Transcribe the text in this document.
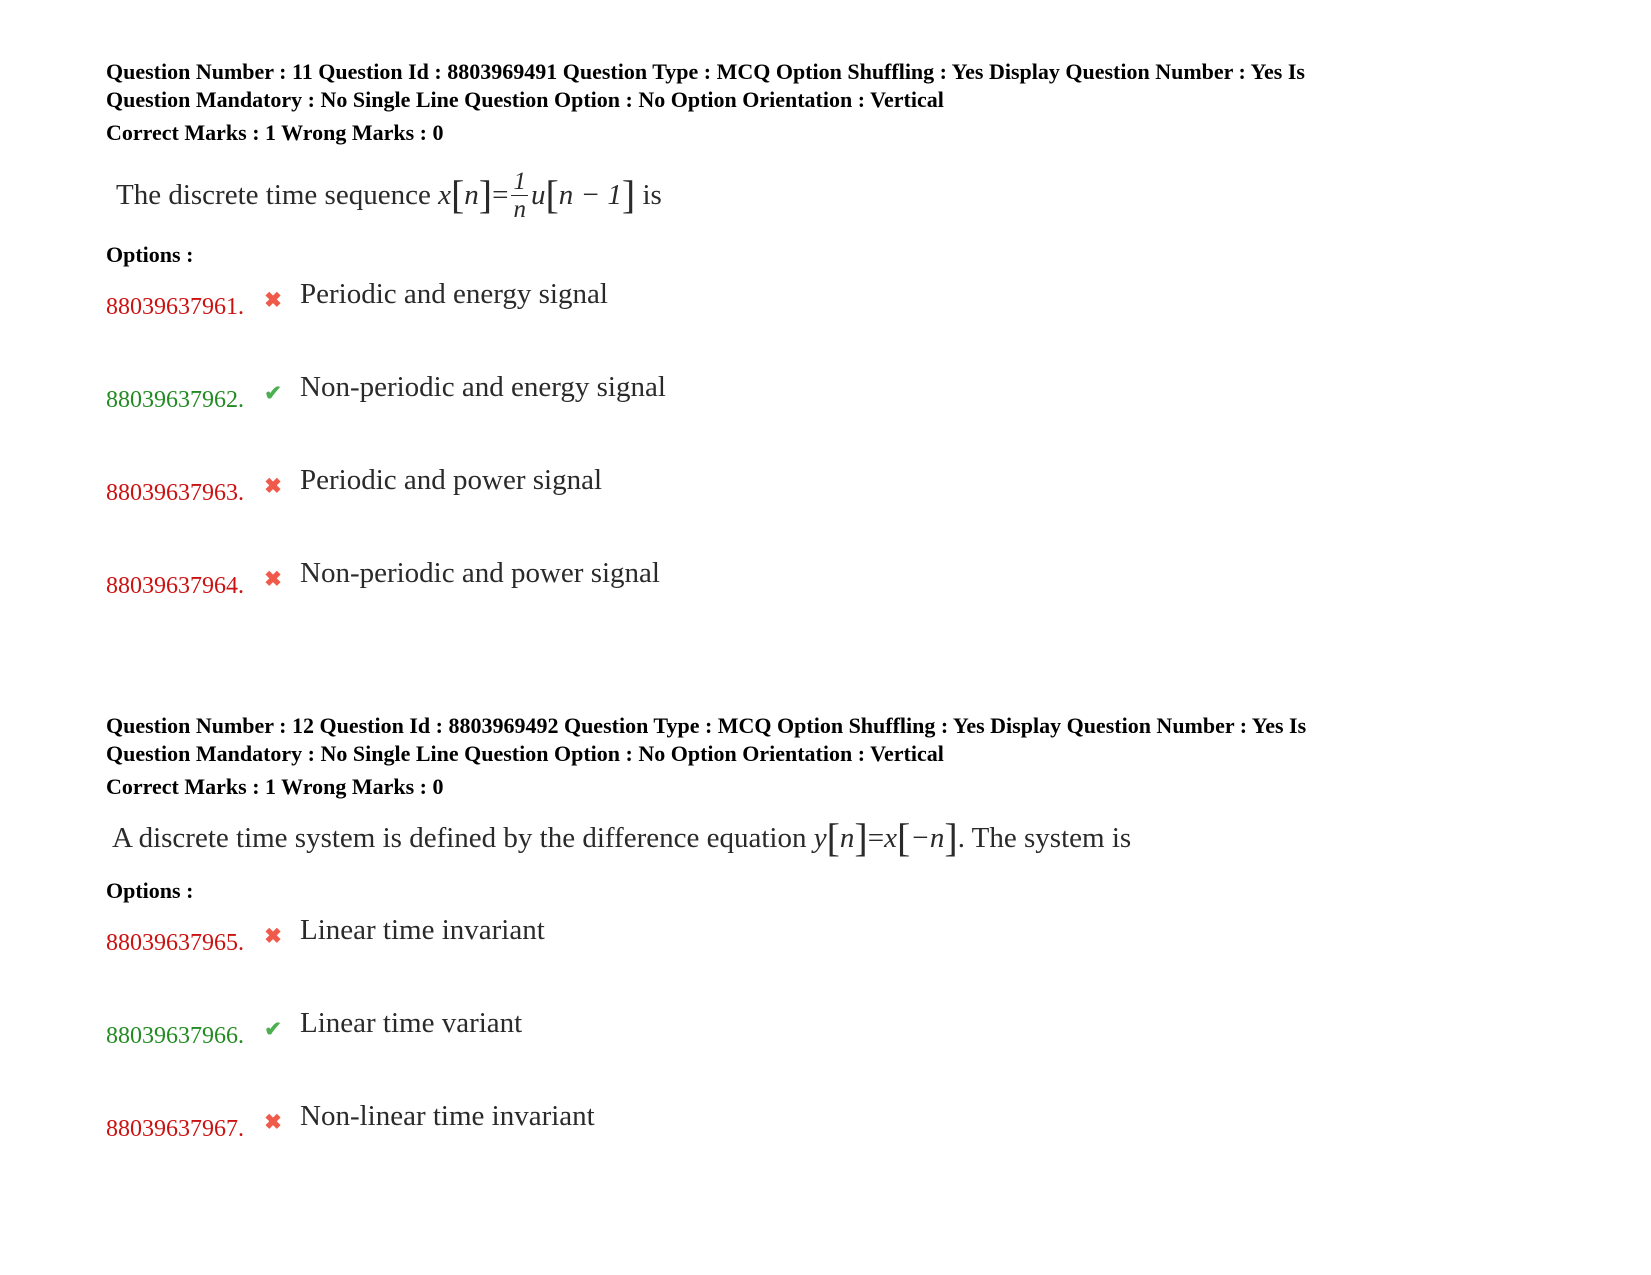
Question Number : 11 Question Id : 8803969491 Question Type : MCQ Option Shuffling : Yes Display Question Number : Yes Is
Question Mandatory : No Single Line Question Option : No Option Orientation : Vertical
Correct Marks : 1 Wrong Marks : 0
The discrete time sequence x [ n ] = $\frac{1}{n}$ u [ n − 1 ] is
Options :
88039637961. ✖ Periodic and energy signal
88039637962. ✔ Non-periodic and energy signal
88039637963. ✖ Periodic and power signal
88039637964. ✖ Non-periodic and power signal
Question Number : 12 Question Id : 8803969492 Question Type : MCQ Option Shuffling : Yes Display Question Number : Yes Is
Question Mandatory : No Single Line Question Option : No Option Orientation : Vertical
Correct Marks : 1 Wrong Marks : 0
A discrete time system is defined by the difference equation y [ n ] = x [ −n ] . The system is
Options :
88039637965. ✖ Linear time invariant
88039637966. ✔ Linear time variant
88039637967. ✖ Non-linear time invariant
